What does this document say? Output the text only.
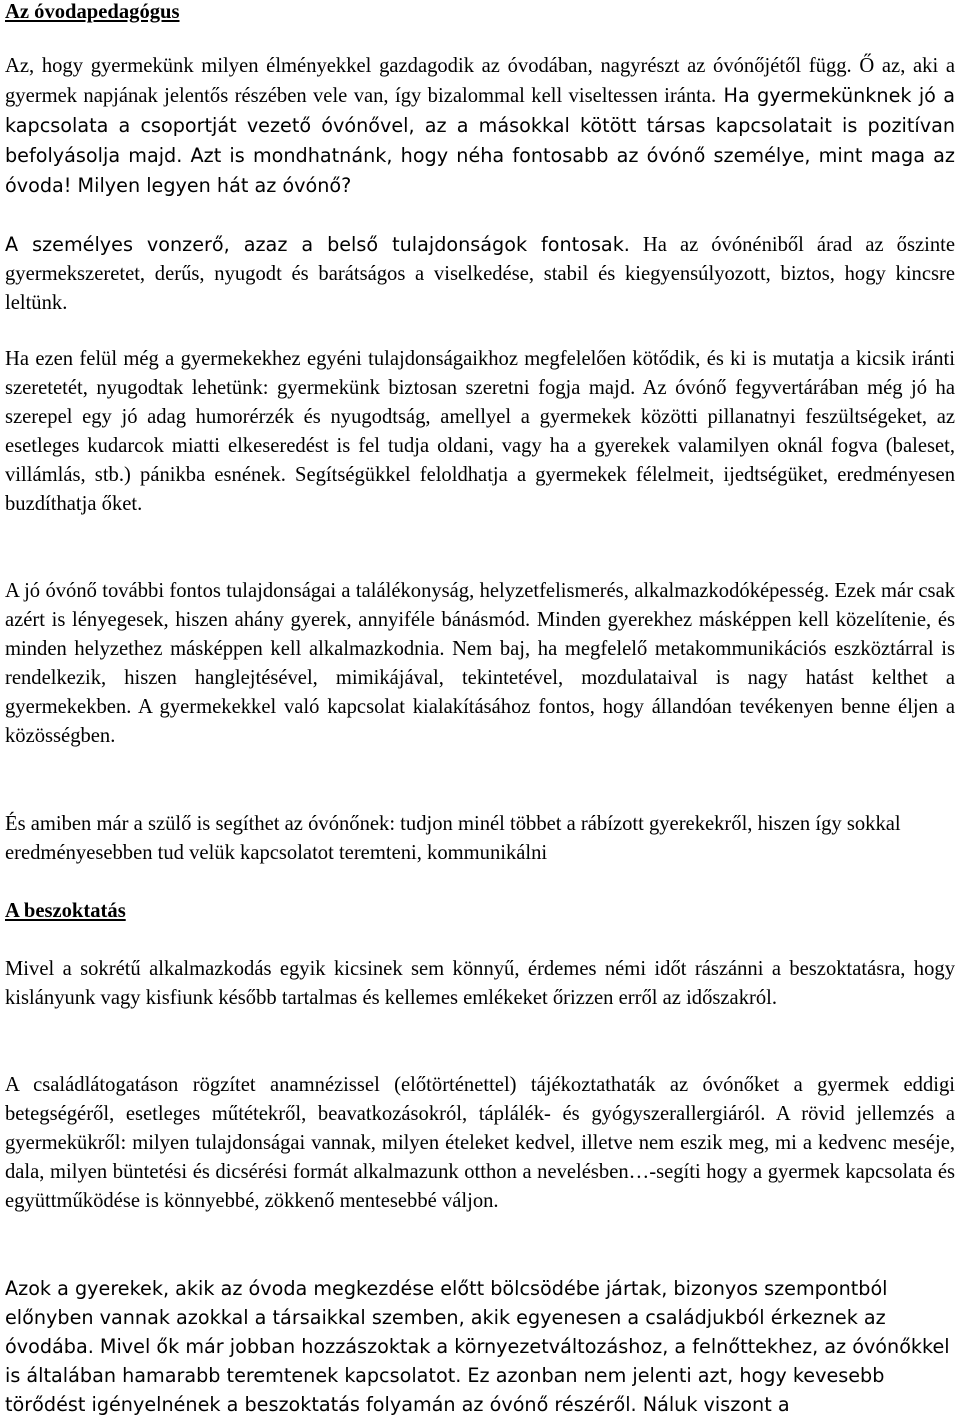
Az óvodapedagógus

Az, hogy gyermekünk milyen élményekkel gazdagodik az óvodában, nagyrészt az óvónőjétől függ. Ő az, aki a gyermek napjának jelentős részében vele van, így bizalommal kell viseltessen iránta. Ha gyermekünknek jó a kapcsolata a csoportját vezető óvónővel, az a másokkal kötött társas kapcsolatait is pozitívan befolyásolja majd. Azt is mondhatnánk, hogy néha fontosabb az óvónő személye, mint maga az óvoda! Milyen legyen hát az óvónő?

A személyes vonzerő, azaz a belső tulajdonságok fontosak. Ha az óvónéniből árad az őszinte gyermekszeretet, derűs, nyugodt és barátságos a viselkedése, stabil és kiegyensúlyozott, biztos, hogy kincsre leltünk.

Ha ezen felül még a gyermekekhez egyéni tulajdonságaikhoz megfelelően kötődik, és ki is mutatja a kicsik iránti szeretetét, nyugodtak lehetünk: gyermekünk biztosan szeretni fogja majd. Az óvónő fegyvertárában még jó ha szerepel egy jó adag humorérzék és nyugodtság, amellyel a gyermekek közötti pillanatnyi feszültségeket, az esetleges kudarcok miatti elkeseredést is fel tudja oldani, vagy ha a gyerekek valamilyen oknál fogva (baleset, villámlás, stb.) pánikba esnének. Segítségükkel feloldhatja a gyermekek félelmeit, ijedtségüket, eredményesen buzdíthatja őket.

A jó óvónő további fontos tulajdonságai a találékonyság, helyzetfelismerés, alkalmazkodóképesség. Ezek már csak azért is lényegesek, hiszen ahány gyerek, annyiféle bánásmód. Minden gyerekhez másképpen kell közelítenie, és minden helyzethez másképpen kell alkalmazkodnia. Nem baj, ha megfelelő metakommunikációs eszköztárral is rendelkezik, hiszen hanglejtésével, mimikájával, tekintetével, mozdulataival is nagy hatást kelthet a gyermekekben. A gyermekekkel való kapcsolat kialakításához fontos, hogy állandóan tevékenyen benne éljen a közösségben.

És amiben már a szülő is segíthet az óvónőnek: tudjon minél többet a rábízott gyerekekről, hiszen így sokkal eredményesebben tud velük kapcsolatot teremteni, kommunikálni

A beszoktatás

Mivel a sokrétű alkalmazkodás egyik kicsinek sem könnyű, érdemes némi időt rászánni a beszoktatásra, hogy kislányunk vagy kisfiunk később tartalmas és kellemes emlékeket őrizzen erről az időszakról.

A családlátogatáson rögzítet anamnézissel (előtörténettel) tájékoztathaták az óvónőket a gyermek eddigi betegségéről, esetleges műtétekről, beavatkozásokról, táplálék- és gyógyszerallergiáról. A rövid jellemzés a gyermekükről: milyen tulajdonságai vannak, milyen ételeket kedvel, illetve nem eszik meg, mi a kedvenc meséje, dala, milyen büntetési és dicsérési formát alkalmazunk otthon a nevelésben…-segíti hogy a gyermek kapcsolata és együttműködése is könnyebbé, zökkenő mentesebbé váljon.

Azok a gyerekek, akik az óvoda megkezdése előtt bölcsödébe jártak, bizonyos szempontból előnyben vannak azokkal a társaikkal szemben, akik egyenesen a családjukból érkeznek az óvodába. Mivel ők már jobban hozzászoktak a környezetváltozáshoz, a felnőttekhez, az óvónőkkel is általában hamarabb teremtenek kapcsolatot. Ez azonban nem jelenti azt, hogy kevesebb törődést igényelnének a beszoktatás folyamán az óvónő részéről. Náluk viszont a
